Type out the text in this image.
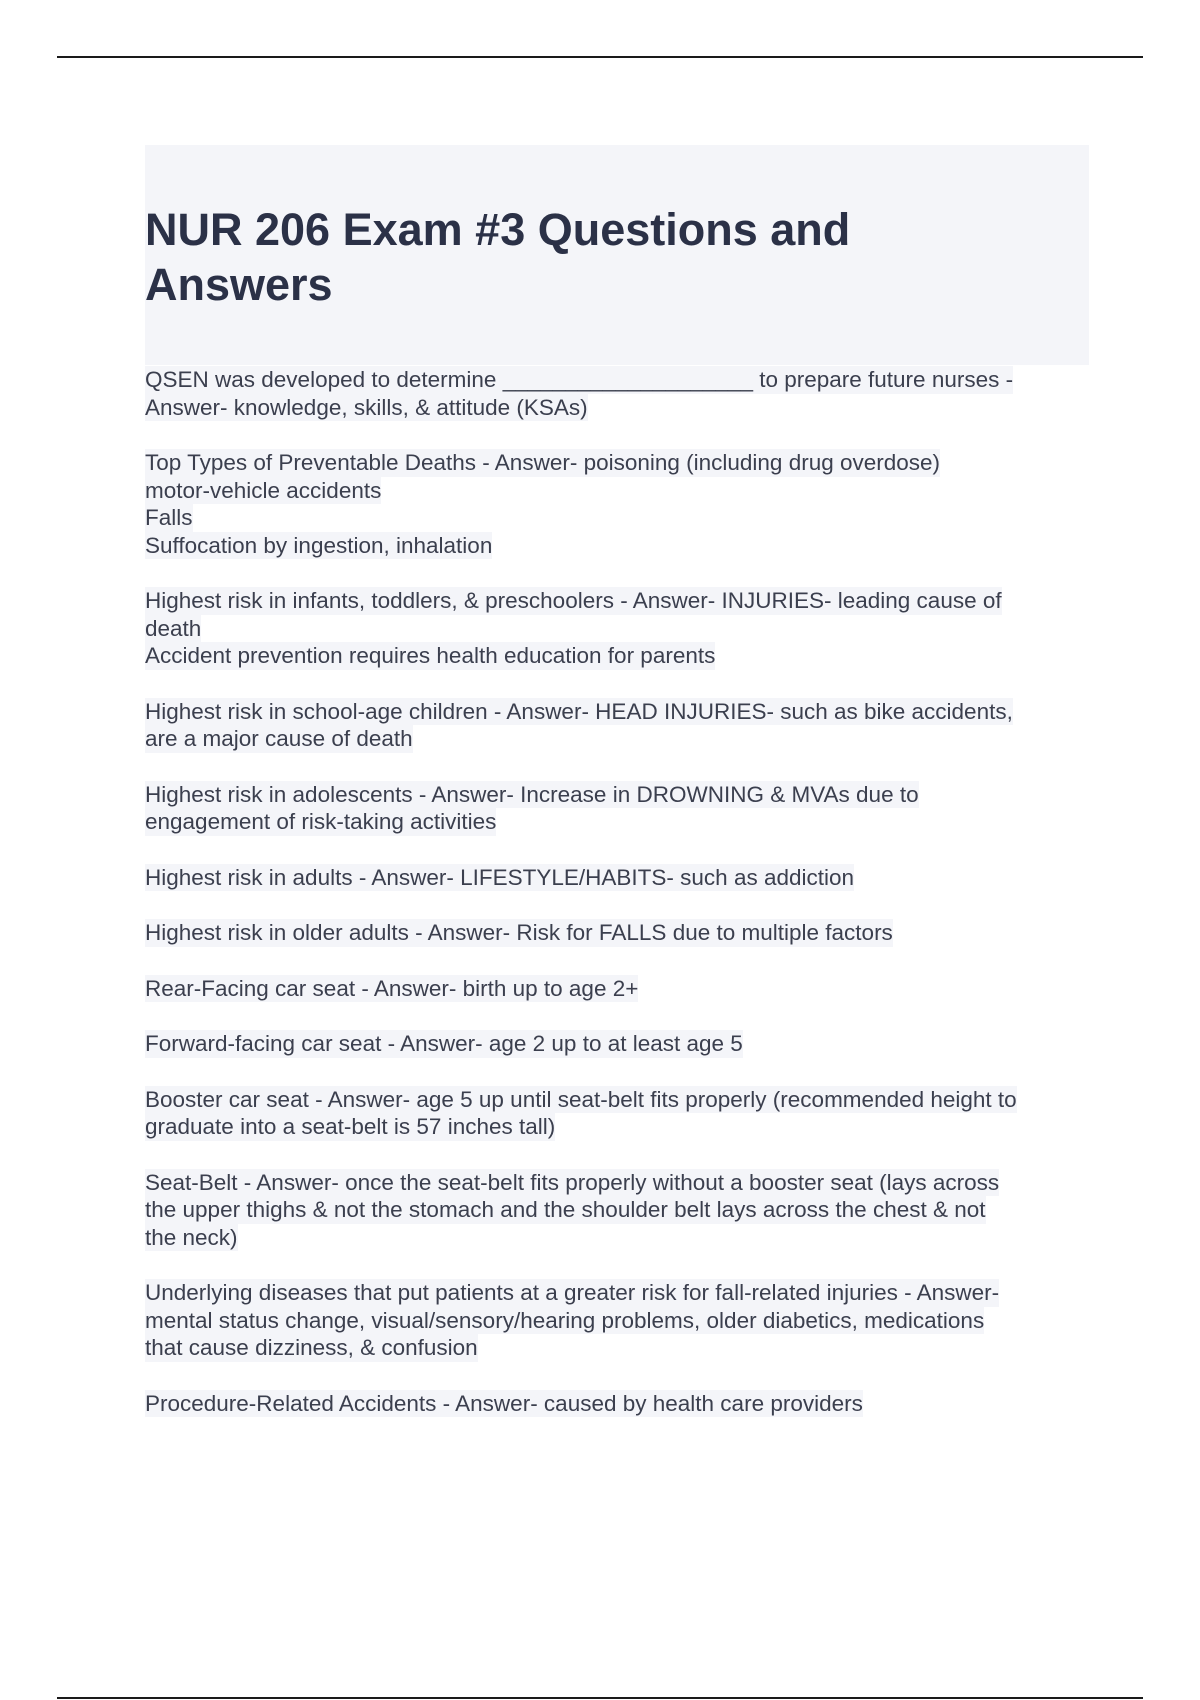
NUR 206 Exam #3 Questions and Answers

QSEN was developed to determine ____________________ to prepare future nurses -
Answer- knowledge, skills, & attitude (KSAs)

Top Types of Preventable Deaths - Answer- poisoning (including drug overdose)
motor-vehicle accidents
Falls
Suffocation by ingestion, inhalation

Highest risk in infants, toddlers, & preschoolers - Answer- INJURIES- leading cause of
death
Accident prevention requires health education for parents

Highest risk in school-age children - Answer- HEAD INJURIES- such as bike accidents,
are a major cause of death

Highest risk in adolescents - Answer- Increase in DROWNING & MVAs due to
engagement of risk-taking activities

Highest risk in adults - Answer- LIFESTYLE/HABITS- such as addiction

Highest risk in older adults - Answer- Risk for FALLS due to multiple factors

Rear-Facing car seat - Answer- birth up to age 2+

Forward-facing car seat - Answer- age 2 up to at least age 5

Booster car seat - Answer- age 5 up until seat-belt fits properly (recommended height to
graduate into a seat-belt is 57 inches tall)

Seat-Belt - Answer- once the seat-belt fits properly without a booster seat (lays across
the upper thighs & not the stomach and the shoulder belt lays across the chest & not
the neck)

Underlying diseases that put patients at a greater risk for fall-related injuries - Answer-
mental status change, visual/sensory/hearing problems, older diabetics, medications
that cause dizziness, & confusion

Procedure-Related Accidents - Answer- caused by health care providers
